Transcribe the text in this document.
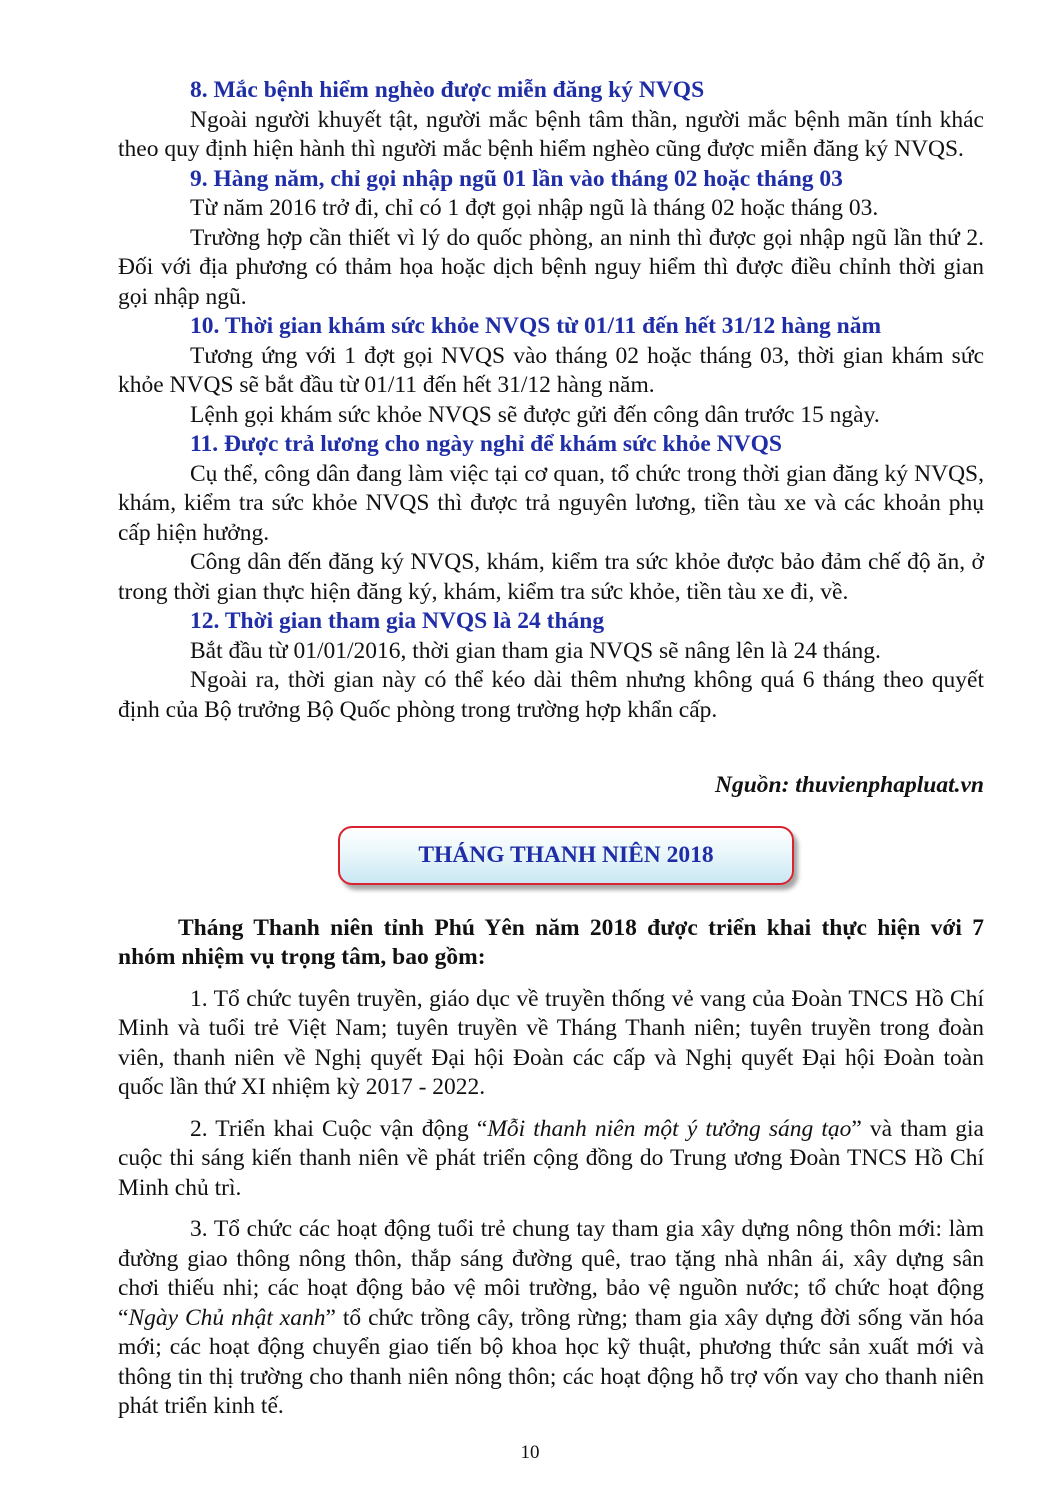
8. Mắc bệnh hiểm nghèo được miễn đăng ký NVQS

Ngoài người khuyết tật, người mắc bệnh tâm thần, người mắc bệnh mãn tính khác theo quy định hiện hành thì người mắc bệnh hiểm nghèo cũng được miễn đăng ký NVQS.

9. Hàng năm, chỉ gọi nhập ngũ 01 lần vào tháng 02 hoặc tháng 03

Từ năm 2016 trở đi, chỉ có 1 đợt gọi nhập ngũ là tháng 02 hoặc tháng 03.

Trường hợp cần thiết vì lý do quốc phòng, an ninh thì được gọi nhập ngũ lần thứ 2. Đối với địa phương có thảm họa hoặc dịch bệnh nguy hiểm thì được điều chỉnh thời gian gọi nhập ngũ.

10. Thời gian khám sức khỏe NVQS từ 01/11 đến hết 31/12 hàng năm

Tương ứng với 1 đợt gọi NVQS vào tháng 02 hoặc tháng 03, thời gian khám sức khỏe NVQS sẽ bắt đầu từ 01/11 đến hết 31/12 hàng năm.

Lệnh gọi khám sức khỏe NVQS sẽ được gửi đến công dân trước 15 ngày.

11. Được trả lương cho ngày nghỉ để khám sức khỏe NVQS

Cụ thể, công dân đang làm việc tại cơ quan, tổ chức trong thời gian đăng ký NVQS, khám, kiểm tra sức khỏe NVQS thì được trả nguyên lương, tiền tàu xe và các khoản phụ cấp hiện hưởng.

Công dân đến đăng ký NVQS, khám, kiểm tra sức khỏe được bảo đảm chế độ ăn, ở trong thời gian thực hiện đăng ký, khám, kiểm tra sức khỏe, tiền tàu xe đi, về.

12. Thời gian tham gia NVQS là 24 tháng

Bắt đầu từ 01/01/2016, thời gian tham gia NVQS sẽ nâng lên là 24 tháng.

Ngoài ra, thời gian này có thể kéo dài thêm nhưng không quá 6 tháng theo quyết định của Bộ trưởng Bộ Quốc phòng trong trường hợp khẩn cấp.

Nguồn: thuvienphapluat.vn

THÁNG THANH NIÊN 2018

Tháng Thanh niên tỉnh Phú Yên năm 2018 được triển khai thực hiện với 7 nhóm nhiệm vụ trọng tâm, bao gồm:

1. Tổ chức tuyên truyền, giáo dục về truyền thống vẻ vang của Đoàn TNCS Hồ Chí Minh và tuổi trẻ Việt Nam; tuyên truyền về Tháng Thanh niên; tuyên truyền trong đoàn viên, thanh niên về Nghị quyết Đại hội Đoàn các cấp và Nghị quyết Đại hội Đoàn toàn quốc lần thứ XI nhiệm kỳ 2017 - 2022.

2. Triển khai Cuộc vận động “Mỗi thanh niên một ý tưởng sáng tạo” và tham gia cuộc thi sáng kiến thanh niên về phát triển cộng đồng do Trung ương Đoàn TNCS Hồ Chí Minh chủ trì.

3. Tổ chức các hoạt động tuổi trẻ chung tay tham gia xây dựng nông thôn mới: làm đường giao thông nông thôn, thắp sáng đường quê, trao tặng nhà nhân ái, xây dựng sân chơi thiếu nhi; các hoạt động bảo vệ môi trường, bảo vệ nguồn nước; tổ chức hoạt động “Ngày Chủ nhật xanh” tổ chức trồng cây, trồng rừng; tham gia xây dựng đời sống văn hóa mới; các hoạt động chuyển giao tiến bộ khoa học kỹ thuật, phương thức sản xuất mới và thông tin thị trường cho thanh niên nông thôn; các hoạt động hỗ trợ vốn vay cho thanh niên phát triển kinh tế.

10
